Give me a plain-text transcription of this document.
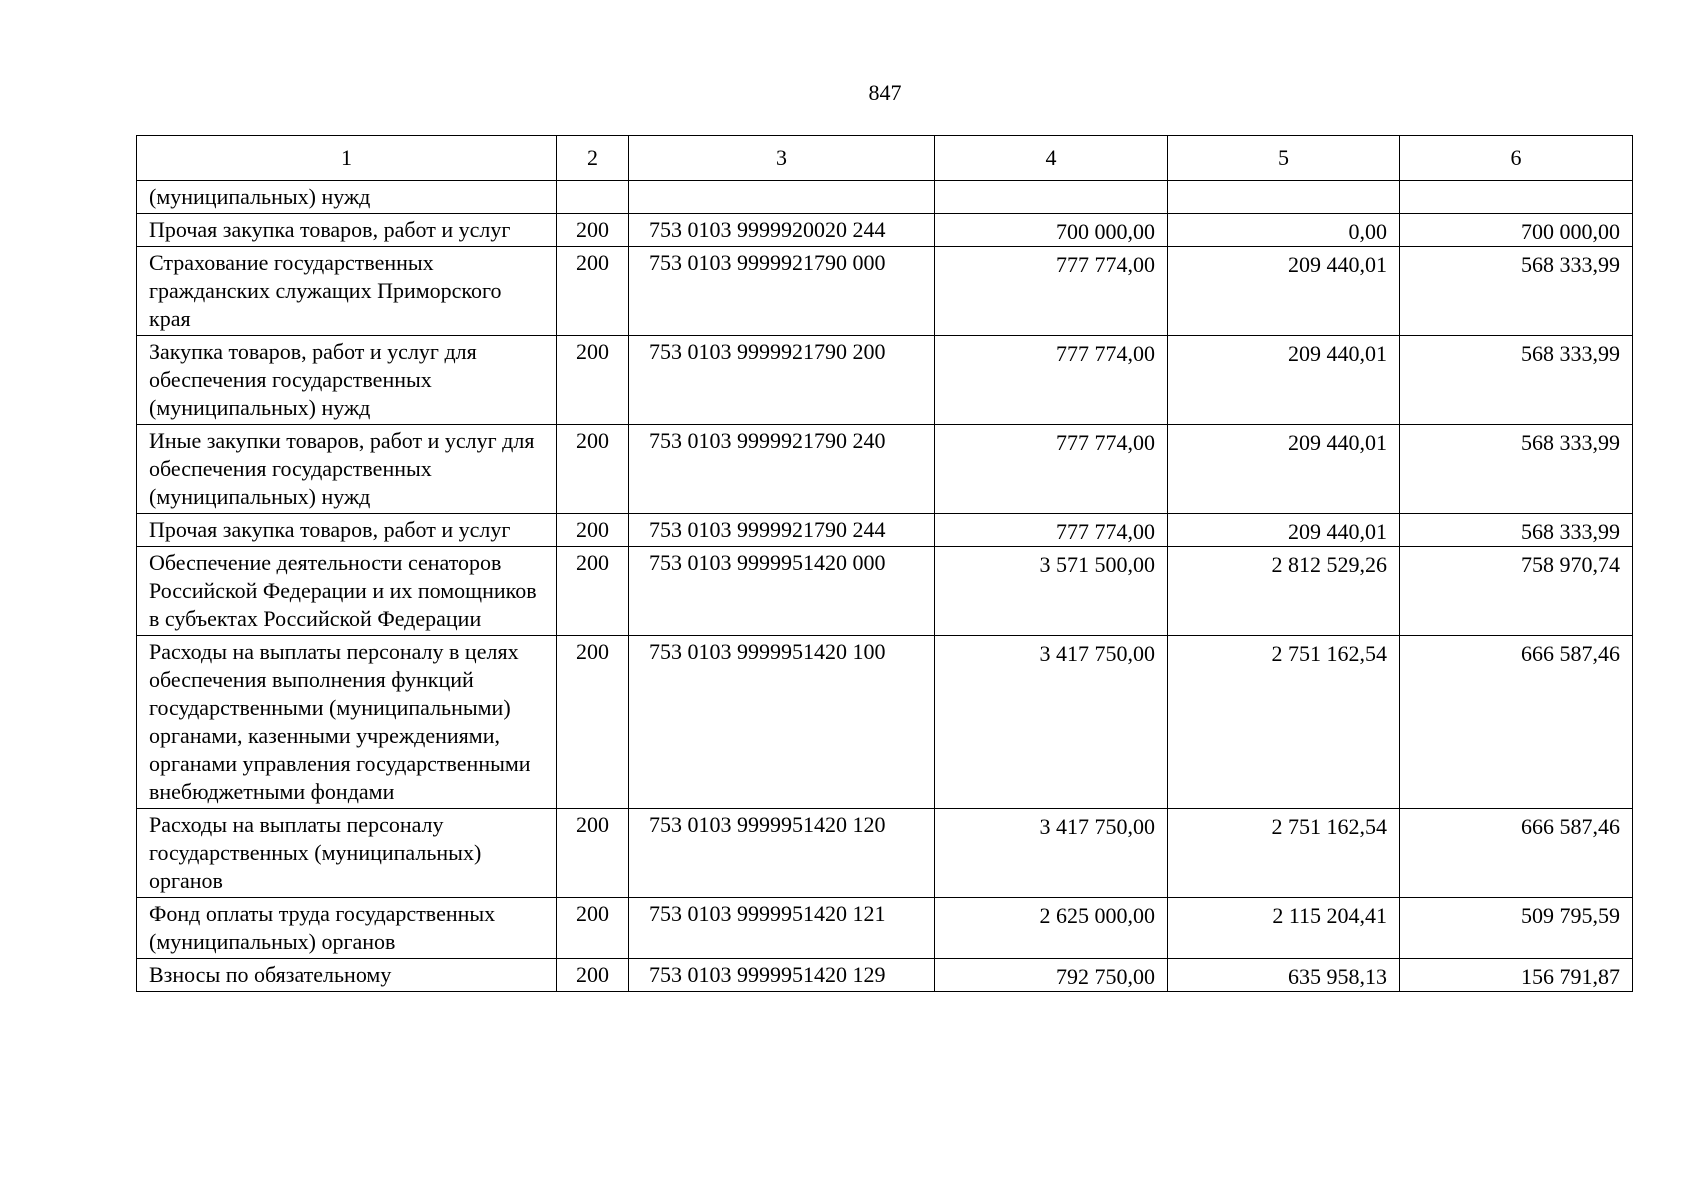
847
1	2	3	4	5	6
(муниципальных) нужд					
Прочая закупка товаров, работ и услуг	200	753 0103 9999920020 244	700 000,00	0,00	700 000,00
Страхование государственных гражданских служащих Приморского края	200	753 0103 9999921790 000	777 774,00	209 440,01	568 333,99
Закупка товаров, работ и услуг для обеспечения государственных (муниципальных) нужд	200	753 0103 9999921790 200	777 774,00	209 440,01	568 333,99
Иные закупки товаров, работ и услуг для обеспечения государственных (муниципальных) нужд	200	753 0103 9999921790 240	777 774,00	209 440,01	568 333,99
Прочая закупка товаров, работ и услуг	200	753 0103 9999921790 244	777 774,00	209 440,01	568 333,99
Обеспечение деятельности сенаторов Российской Федерации и их помощников в субъектах Российской Федерации	200	753 0103 9999951420 000	3 571 500,00	2 812 529,26	758 970,74
Расходы на выплаты персоналу в целях обеспечения выполнения функций государственными (муниципальными) органами, казенными учреждениями, органами управления государственными внебюджетными фондами	200	753 0103 9999951420 100	3 417 750,00	2 751 162,54	666 587,46
Расходы на выплаты персоналу государственных (муниципальных) органов	200	753 0103 9999951420 120	3 417 750,00	2 751 162,54	666 587,46
Фонд оплаты труда государственных (муниципальных) органов	200	753 0103 9999951420 121	2 625 000,00	2 115 204,41	509 795,59
Взносы по обязательному	200	753 0103 9999951420 129	792 750,00	635 958,13	156 791,87
